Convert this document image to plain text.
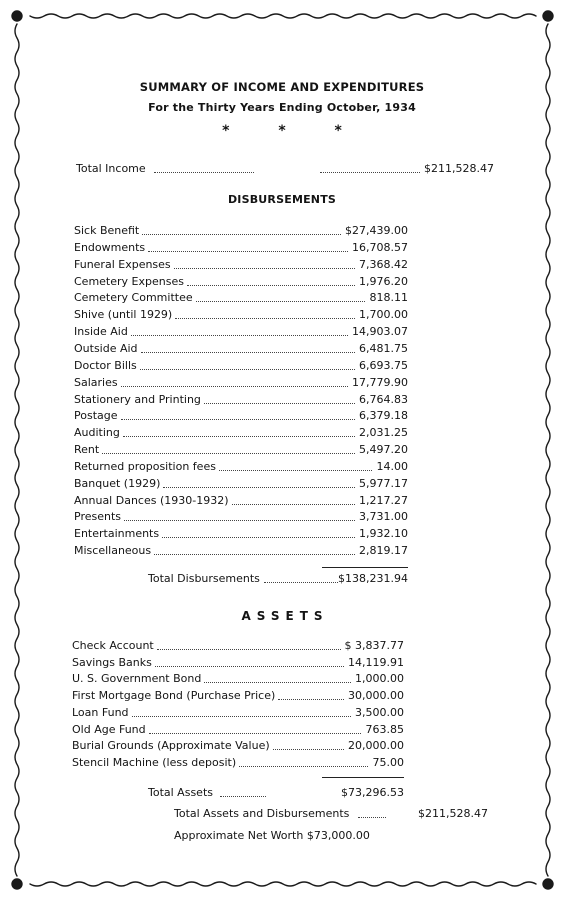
SUMMARY OF INCOME AND EXPENDITURES
For the Thirty Years Ending October, 1934
* * *
Total Income	$211,528.47
DISBURSEMENTS
Sick Benefit	$27,439.00
Endowments	16,708.57
Funeral Expenses	7,368.42
Cemetery Expenses	1,976.20
Cemetery Committee	818.11
Shive (until 1929)	1,700.00
Inside Aid	14,903.07
Outside Aid	6,481.75
Doctor Bills	6,693.75
Salaries	17,779.90
Stationery and Printing	6,764.83
Postage	6,379.18
Auditing	2,031.25
Rent	5,497.20
Returned proposition fees	14.00
Banquet (1929)	5,977.17
Annual Dances (1930-1932)	1,217.27
Presents	3,731.00
Entertainments	1,932.10
Miscellaneous	2,819.17
Total Disbursements	$138,231.94
ASSETS
Check Account	$ 3,837.77
Savings Banks	14,119.91
U. S. Government Bond	1,000.00
First Mortgage Bond (Purchase Price)	30,000.00
Loan Fund	3,500.00
Old Age Fund	763.85
Burial Grounds (Approximate Value)	20,000.00
Stencil Machine (less deposit)	75.00
Total Assets	$73,296.53
Total Assets and Disbursements	$211,528.47
Approximate Net Worth $73,000.00
